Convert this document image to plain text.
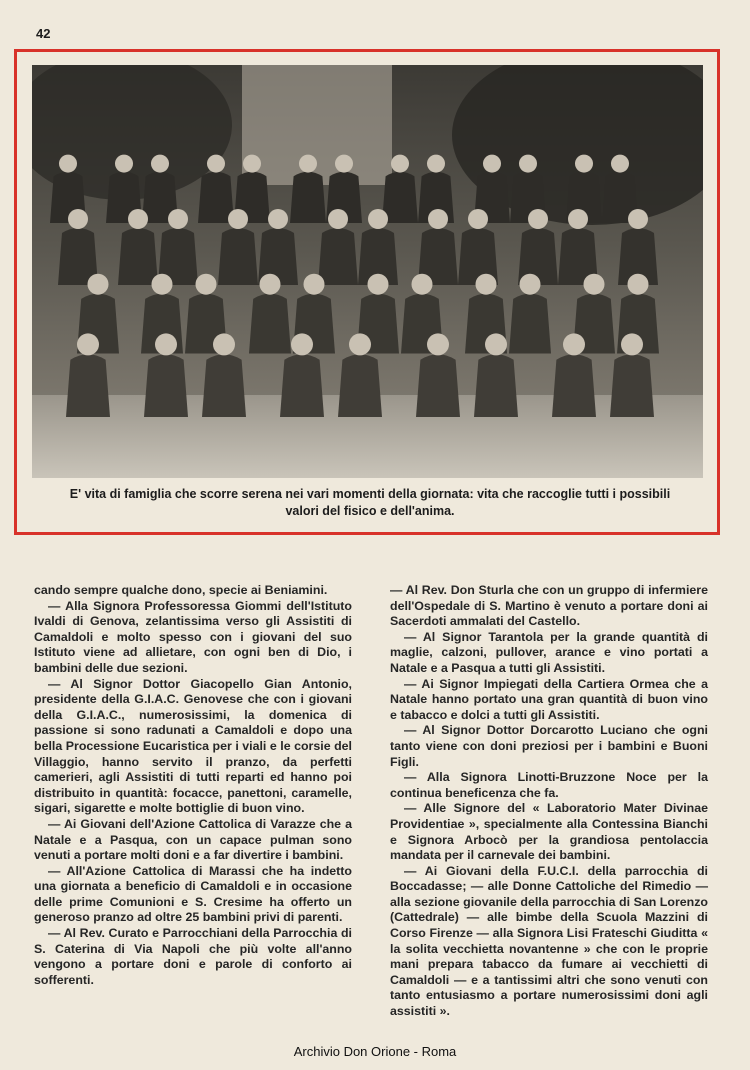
42
E' vita di famiglia che scorre serena nei vari momenti della giornata: vita che raccoglie tutti i possibili
valori del fisico e dell'anima.

cando sempre qualche dono, specie ai Beniamini.

— Alla Signora Professoressa Giommi dell'Istituto Ivaldi di Genova, zelantissima verso gli Assistiti di Camaldoli e molto spesso con i giovani del suo Istituto viene ad allietare, con ogni ben di Dio, i bambini delle due sezioni.

— Al Signor Dottor Giacopello Gian Antonio, presidente della G.I.A.C. Genovese che con i giovani della G.I.A.C., numerosissimi, la domenica di passione si sono radunati a Camaldoli e dopo una bella Processione Eucaristica per i viali e le corsie del Villaggio, hanno servito il pranzo, da perfetti camerieri, agli Assistiti di tutti reparti ed hanno poi distribuito in quantità: focacce, panettoni, caramelle, sigari, sigarette e molte bottiglie di buon vino.

— Ai Giovani dell'Azione Cattolica di Varazze che a Natale e a Pasqua, con un capace pulman sono venuti a portare molti doni e a far divertire i bambini.

— All'Azione Cattolica di Marassi che ha indetto una giornata a beneficio di Camaldoli e in occasione delle prime Comunioni e S. Cresime ha offerto un generoso pranzo ad oltre 25 bambini privi di parenti.

— Al Rev. Curato e Parrocchiani della Parrocchia di S. Caterina di Via Napoli che più volte all'anno vengono a portare doni e parole di conforto ai sofferenti.

— Al Rev. Don Sturla che con un gruppo di infermiere dell'Ospedale di S. Martino è venuto a portare doni ai Sacerdoti ammalati del Castello.

— Al Signor Tarantola per la grande quantità di maglie, calzoni, pullover, arance e vino portati a Natale e a Pasqua a tutti gli Assistiti.

— Ai Signor Impiegati della Cartiera Ormea che a Natale hanno portato una gran quantità di buon vino e tabacco e dolci a tutti gli Assistiti.

— Al Signor Dottor Dorcarotto Luciano che ogni tanto viene con doni preziosi per i bambini e Buoni Figli.

— Alla Signora Linotti-Bruzzone Noce per la continua beneficenza che fa.

— Alle Signore del « Laboratorio Mater Divinae Providentiae », specialmente alla Contessina Bianchi e Signora Arbocò per la grandiosa pentolaccia mandata per il carnevale dei bambini.

— Ai Giovani della F.U.C.I. della parrocchia di Boccadasse; — alle Donne Cattoliche del Rimedio — alla sezione giovanile della parrocchia di San Lorenzo (Cattedrale) — alle bimbe della Scuola Mazzini di Corso Firenze — alla Signora Lisi Frateschi Giuditta « la solita vecchietta novantenne » che con le proprie mani prepara tabacco da fumare ai vecchietti di Camaldoli — e a tantissimi altri che sono venuti con tanto entusiasmo a portare numerosissimi doni agli assistiti ».

Archivio Don Orione - Roma
